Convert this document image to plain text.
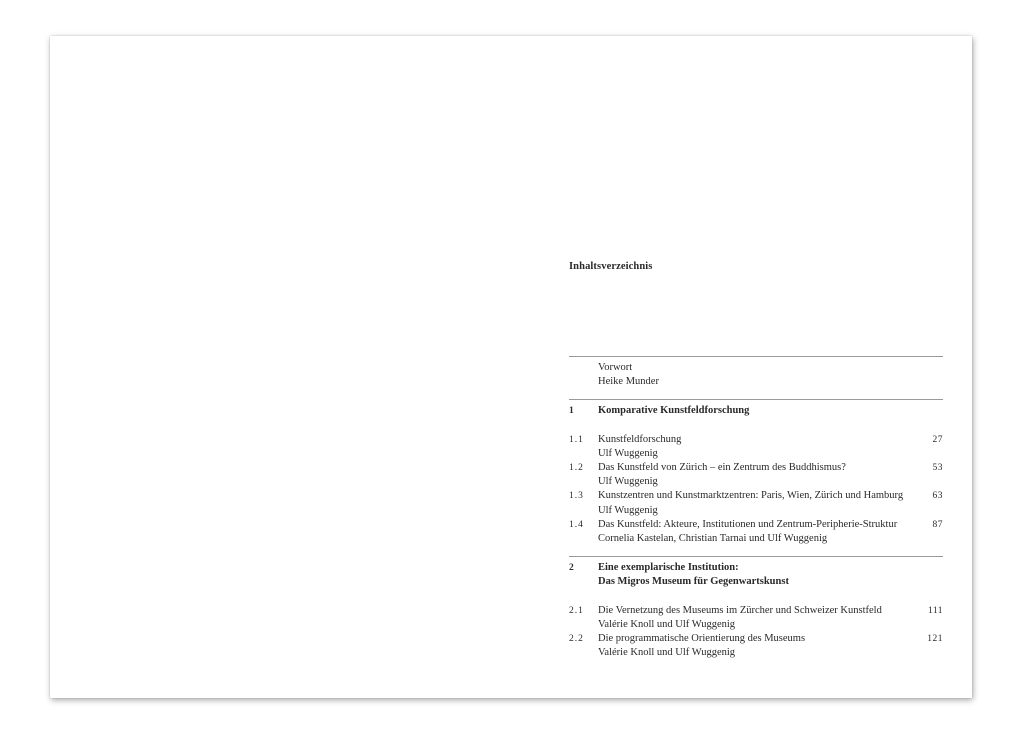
Inhaltsverzeichnis
Vorwort
Heike Munder
1 Komparative Kunstfeldforschung
1.1 Kunstfeldforschung
Ulf Wuggenig
27
1.2 Das Kunstfeld von Zürich – ein Zentrum des Buddhismus?
Ulf Wuggenig
53
1.3 Kunstzentren und Kunstmarktzentren: Paris, Wien, Zürich und Hamburg
Ulf Wuggenig
63
1.4 Das Kunstfeld: Akteure, Institutionen und Zentrum-Peripherie-Struktur
Cornelia Kastelan, Christian Tarnai und Ulf Wuggenig
87
2 Eine exemplarische Institution:
Das Migros Museum für Gegenwartskunst
2.1 Die Vernetzung des Museums im Zürcher und Schweizer Kunstfeld
Valérie Knoll und Ulf Wuggenig
111
2.2 Die programmatische Orientierung des Museums
Valérie Knoll und Ulf Wuggenig
121
